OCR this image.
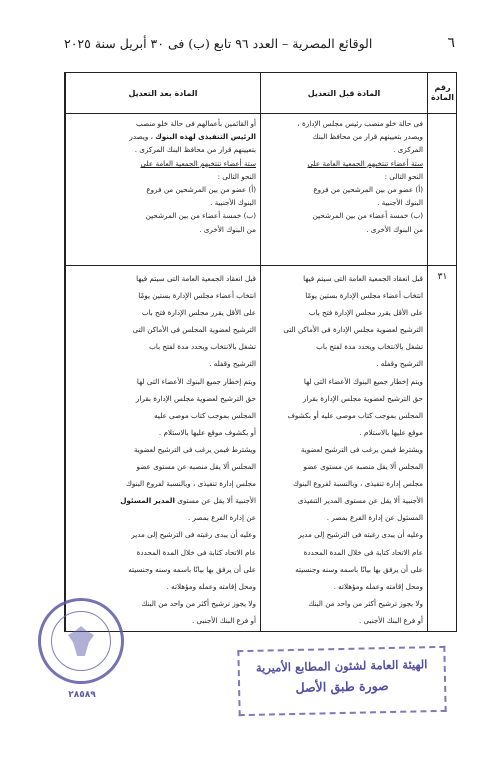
٦
الوقائع المصرية – العدد ٩٦ تابع (ب) فى ٣٠ أبريل سنة ٢٠٢٥
رقم المادة
المادة قبل التعديل
المادة بعد التعديل
فى حالة خلو منصب رئيس مجلس الإدارة ،
ويصدر بتعيينهم قرار من محافظ البنك
المركزى .
ستة أعضاء تنتخبهم الجمعية العامة على
النحو التالى :
(أ) عضو من بين المرشحين من فروع
البنوك الأجنبية .
(ب) خمسة أعضاء من بين المرشحين
من البنوك الأخرى .
أو القائمين بأعمالهم فى حالة خلو منصب
الرئيس التنفيذى لهذه البنوك ، ويصدر
بتعيينهم قرار من محافظ البنك المركزى .
ستة أعضاء تنتخبهم الجمعية العامة على
النحو التالى :
(أ) عضو من بين المرشحين من فروع
البنوك الأجنبية .
(ب) خمسة أعضاء من بين المرشحين
من البنوك الأخرى .
٣١
قبل انعقاد الجمعية العامة التى سيتم فيها
انتخاب أعضاء مجلس الإدارة بستين يومًا
على الأقل يقرر مجلس الإدارة فتح باب
الترشيح لعضوية مجلس الإدارة فى الأماكن التى
تشغل بالانتخاب ويحدد مدة لفتح باب
الترشيح وقفله .
ويتم إخطار جميع البنوك الأعضاء التى لها
حق الترشيح لعضوية مجلس الإدارة بقرار
المجلس بموجب كتاب موصى عليه أو بكشوف
موقع عليها بالاستلام .
ويشترط فيمن يرغب فى الترشيح لعضوية
المجلس ألا يقل منصبه عن مستوى عضو
مجلس إدارة تنفيذى ، وبالنسبة لفروع البنوك
الأجنبية ألا يقل عن مستوى المدير التنفيذى
المسئول عن إدارة الفرع بمصر .
وعليه أن يبدى رغبته فى الترشيح إلى مدير
عام الاتحاد كتابة فى خلال المدة المحددة
على أن يرفق بها بيانًا باسمه وسنه وجنسيته
ومحل إقامته وعمله ومؤهلاته .
ولا يجوز ترشيح أكثر من واحد من البنك
أو فرع البنك الأجنبى .
قبل انعقاد الجمعية العامة التى سيتم فيها
انتخاب أعضاء مجلس الإدارة بستين يومًا
على الأقل يقرر مجلس الإدارة فتح باب
الترشيح لعضوية المجلس فى الأماكن التى
تشغل بالانتخاب ويحدد مدة لفتح باب
الترشيح وقفله .
ويتم إخطار جميع البنوك الأعضاء التى لها
حق الترشيح لعضوية مجلس الإدارة بقرار
المجلس بموجب كتاب موصى عليه
أو بكشوف موقع عليها بالاستلام .
ويشترط فيمن يرغب فى الترشيح لعضوية
المجلس ألا يقل منصبه عن مستوى عضو
مجلس إدارة تنفيذى ، وبالنسبة لفروع البنوك
الأجنبية ألا يقل عن مستوى المدير المسئول
عن إدارة الفرع بمصر .
وعليه أن يبدى رغبته فى الترشيح إلى مدير
عام الاتحاد كتابة فى خلال المدة المحددة
على أن يرفق بها بيانًا باسمه وسنه وجنسيته
ومحل إقامته وعمله ومؤهلاته .
ولا يجوز ترشيح أكثر من واحد من البنك
أو فرع البنك الأجنبى .
٢٨٥٨٩
الهيئة العامة لشئون المطابع الأميرية
صورة طبق الأصل
